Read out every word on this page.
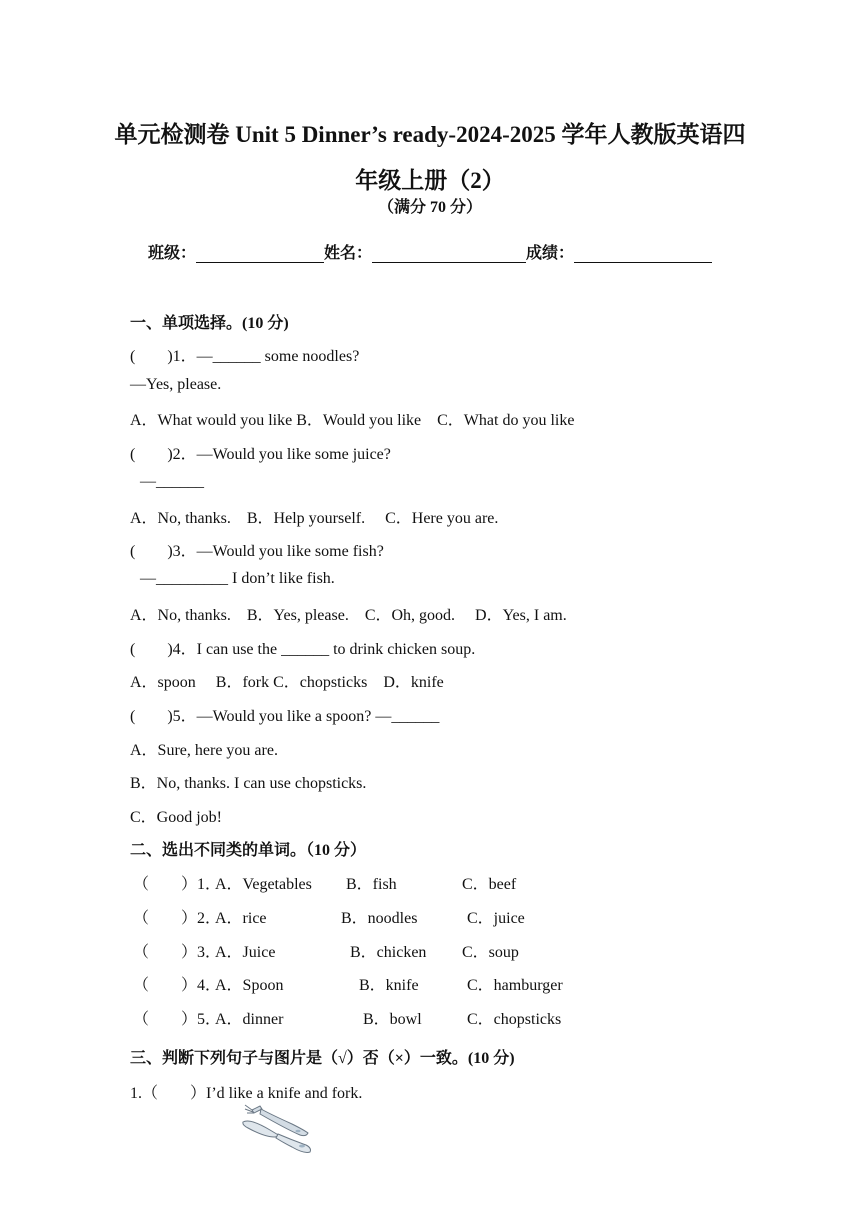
单元检测卷 Unit 5 Dinner’s ready-2024-2025 学年人教版英语四
年级上册（2）
（满分 70 分）
班级：	姓名：	成绩：
一、单项选择。(10 分)
(　　)1．—______ some noodles?
—Yes, please.
A．What would you like B．Would you like　C．What do you like
(　　)2．—Would you like some juice?
—______
A．No, thanks.　B．Help yourself.　 C．Here you are.
(　　)3．—Would you like some fish?
—_________ I don’t like fish.
A．No, thanks.　B．Yes, please.　C．Oh, good.　 D．Yes, I am.
(　　)4．I can use the ______ to drink chicken soup.
A．spoon　 B．fork C．chopsticks　D．knife
(　　)5．—Would you like a spoon? —______
A．Sure, here you are.
B．No, thanks. I can use chopsticks.
C．Good job!
二、选出不同类的单词。（10 分）
（　　）1．
A．Vegetables B．fish	C．beef
（　　）2．
A．rice	B．noodles	C．juice
（　　）3．
A．Juice	B．chicken C．soup
（　　）4．
A．Spoon	B．knife	C．hamburger
（　　）5．
A．dinner	B．bowl	C．chopsticks
三、判断下列句子与图片是（√）否（×）一致。(10 分)
1.（　　）I’d like a knife and fork.
